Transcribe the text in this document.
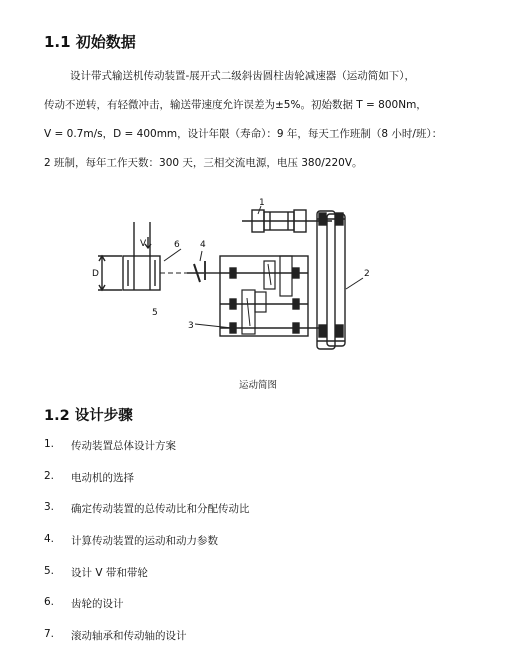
1.1 初始数据

设计带式输送机传动装置-展开式二级斜齿圆柱齿轮减速器（运动简如下），
传动不逆转，有轻微冲击，输送带速度允许误差为±5%。初始数据 T = 800Nm，
V = 0.7m/s，D = 400mm，设计年限（寿命）：9 年，每天工作班制（8 小时/班）：
2 班制，每年工作天数：300 天，三相交流电源，电压 380/220V。

V
D
6 4
5
3
2
1

运动简图

1.2 设计步骤
1.	传动装置总体设计方案
2.	电动机的选择
3.	确定传动装置的总传动比和分配传动比
4.	计算传动装置的运动和动力参数
5.	设计 V 带和带轮
6.	齿轮的设计
7.	滚动轴承和传动轴的设计
